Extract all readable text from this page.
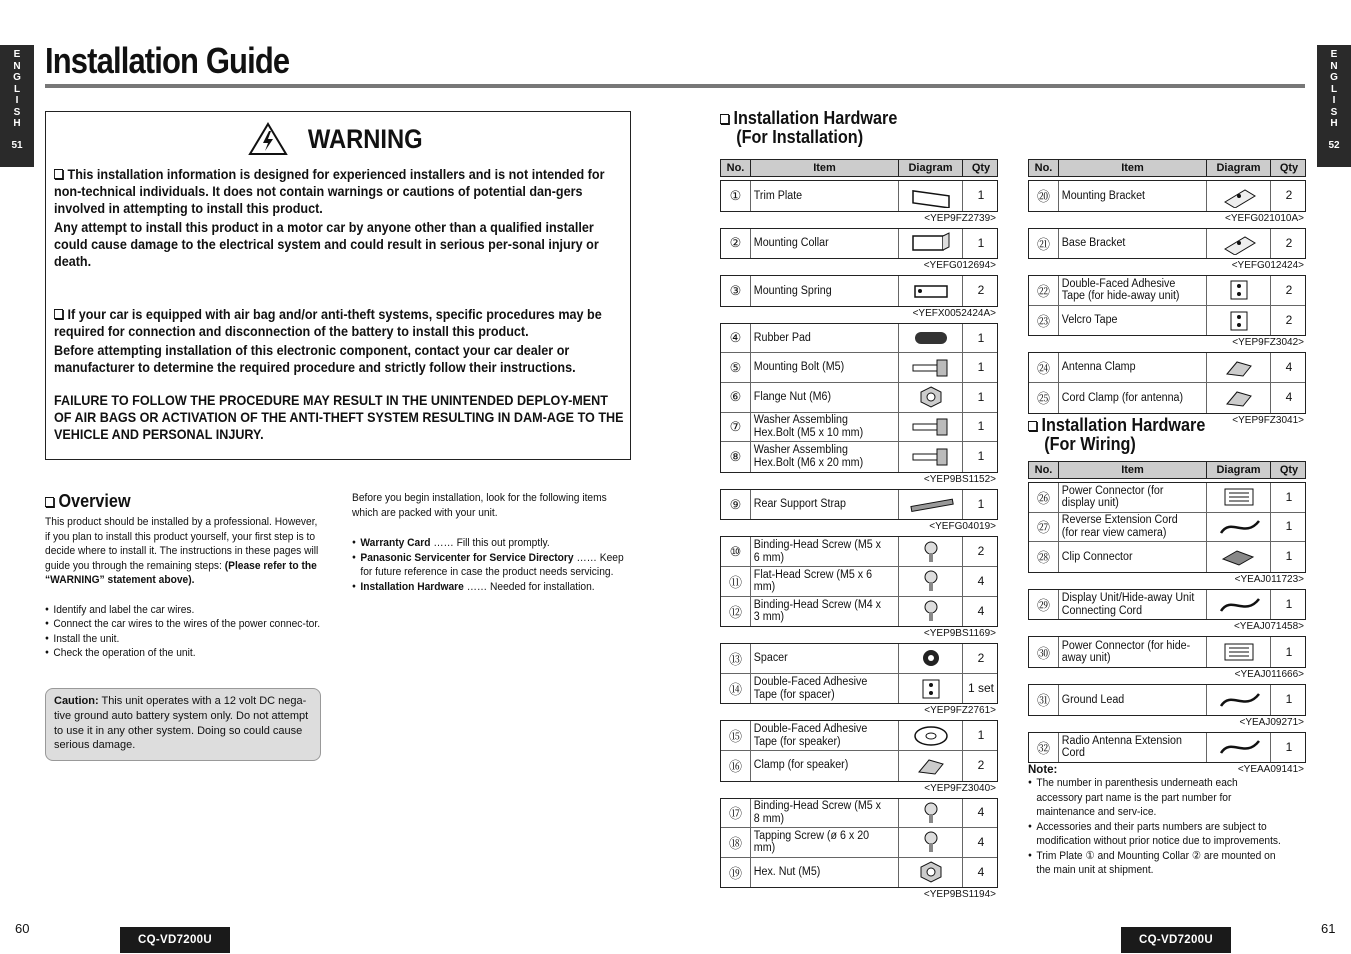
E
N
G
L
I
S
H
51
E
N
G
L
I
S
H
52
Installation Guide
WARNING
This installation information is designed for experienced installers and is not intended for non-technical individuals. It does not contain warnings or cautions of potential dan-gers involved in attempting to install this product.
Any attempt to install this product in a motor car by anyone other than a qualified installer could cause damage to the electrical system and could result in serious per-sonal injury or death.
If your car is equipped with air bag and/or anti-theft systems, specific procedures may be required for connection and disconnection of the battery to install this product.
Before attempting installation of this electronic component, contact your car dealer or manufacturer to determine the required procedure and strictly follow their instructions.
FAILURE TO FOLLOW THE PROCEDURE MAY RESULT IN THE UNINTENDED DEPLOY-MENT OF AIR BAGS OR ACTIVATION OF THE ANTI-THEFT SYSTEM RESULTING IN DAM-AGE TO THE VEHICLE AND PERSONAL INJURY.
Overview
This product should be installed by a professional. However, if you plan to install this product yourself, your first step is to decide where to install it. The instructions in these pages will guide you through the remaining steps: (Please refer to the “WARNING” statement above).
● Identify and label the car wires.
● Connect the car wires to the wires of the power connec-tor.
● Install the unit.
● Check the operation of the unit.
Caution: This unit operates with a 12 volt DC nega-tive ground auto battery system only. Do not attempt to use it in any other system. Doing so could cause serious damage.
Before you begin installation, look for the following items which are packed with your unit.
● Warranty Card …… Fill this out promptly.
● Panasonic Servicenter for Service Directory …… Keep for future reference in case the product needs servicing.
● Installation Hardware …… Needed for installation.
Installation Hardware
(For Installation)
Installation Hardware
(For Wiring)
No.	Item	Diagram	Qty
①	Trim Plate	1
<YEP9FZ2739>
②	Mounting Collar	1
<YEFG012694>
③	Mounting Spring	2
<YEFX0052424A>
④	Rubber Pad	1
⑤	Mounting Bolt (M5)	1
⑥	Flange Nut (M6)	1
⑦	Washer Assembling Hex.Bolt (M5 x 10 mm)	1
⑧	Washer Assembling Hex.Bolt (M6 x 20 mm)	1
<YEP9BS1152>
⑨	Rear Support Strap	1
<YEFG04019>
⑩	Binding-Head Screw (M5 x 6 mm)	2
⑪	Flat-Head Screw (M5 x 6 mm)	4
⑫	Binding-Head Screw (M4 x 3 mm)	4
<YEP9BS1169>
⑬	Spacer	2
⑭	Double-Faced Adhesive Tape (for spacer)	1 set
<YEP9FZ2761>
⑮	Double-Faced Adhesive Tape (for speaker)	1
⑯	Clamp (for speaker)	2
<YEP9FZ3040>
⑰	Binding-Head Screw (M5 x 8 mm)	4
⑱	Tapping Screw (ø 6 x 20 mm)	4
⑲	Hex. Nut (M5)	4
<YEP9BS1194>
No.	Item	Diagram	Qty
⑳	Mounting Bracket	2
<YEFG021010A>
㉑	Base Bracket	2
<YEFG012424>
㉒	Double-Faced Adhesive Tape (for hide-away unit)	2
㉓	Velcro Tape	2
<YEP9FZ3042>
㉔	Antenna Clamp	4
㉕	Cord Clamp (for antenna)	4
<YEP9FZ3041>
No.	Item	Diagram	Qty
㉖	Power Connector (for display unit)	1
㉗	Reverse Extension Cord (for rear view camera)	1
㉘	Clip Connector	1
<YEAJ011723>
㉙	Display Unit/Hide-away Unit Connecting Cord	1
<YEAJ071458>
㉚	Power Connector (for hide-away unit)	1
<YEAJ011666>
㉛	Ground Lead	1
<YEAJ09271>
㉜	Radio Antenna Extension Cord	1
<YEAA09141>
Note:
● The number in parenthesis underneath each accessory part name is the part number for maintenance and serv-ice.
● Accessories and their parts numbers are subject to modification without prior notice due to improvements.
● Trim Plate ① and Mounting Collar ② are mounted on the main unit at shipment.
60	61
CQ-VD7200U	CQ-VD7200U
